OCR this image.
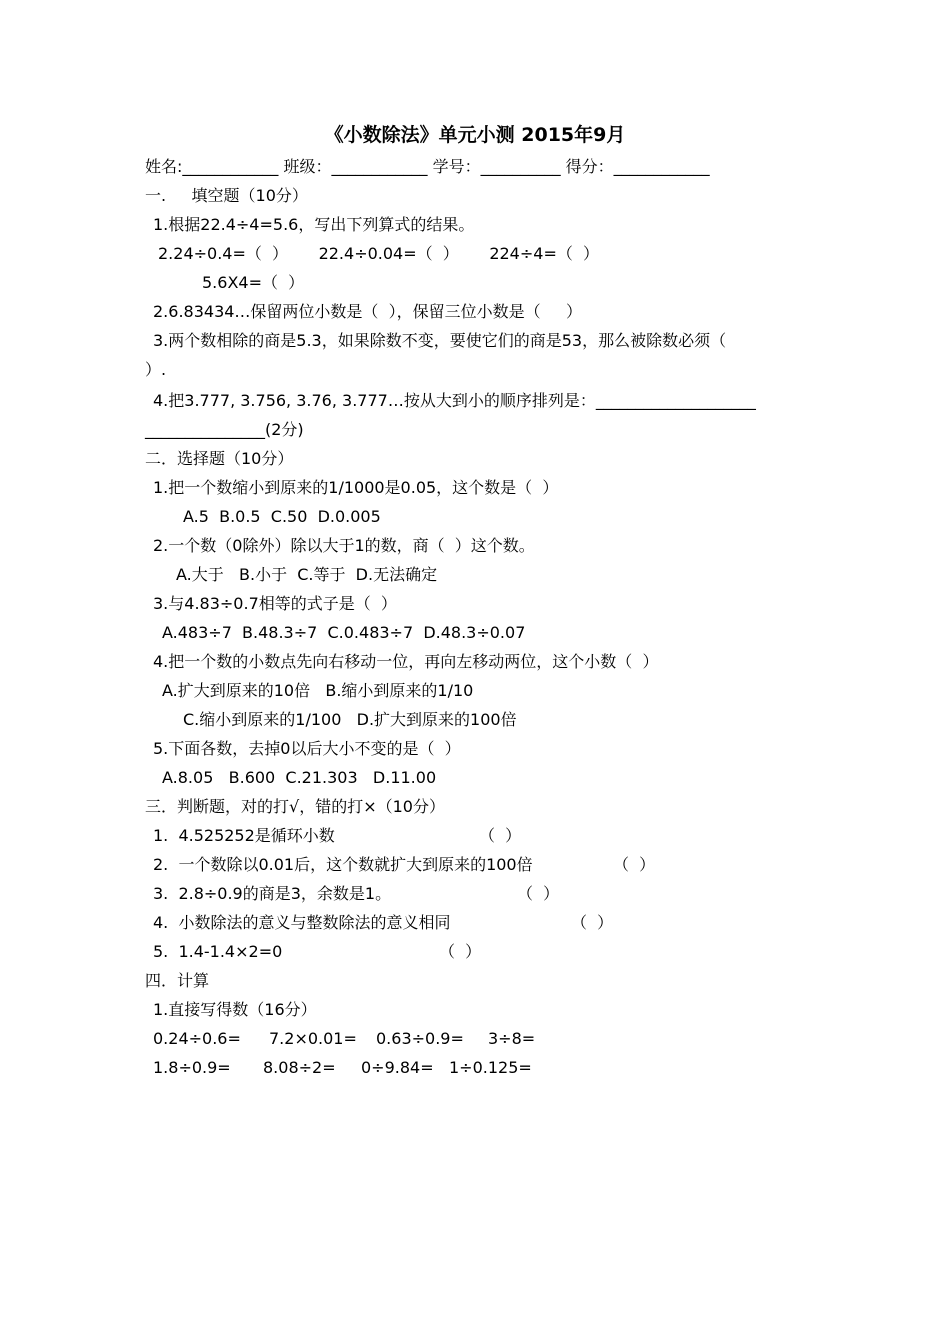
《小数除法》单元小测 2015年9月
姓名:____________ 班级：____________ 学号：__________ 得分：____________
一.     填空题（10分）
1.根据22.4÷4=5.6，写出下列算式的结果。
2.24÷0.4=（  ）      22.4÷0.04=（  ）      224÷4=（  ）
5.6X4=（  ）
2.6.83434…保留两位小数是（  ），保留三位小数是（     ）
3.两个数相除的商是5.3，如果除数不变，要使它们的商是53，那么被除数必须（
）.
4.把3.777, 3.756, 3.76, 3.777…按从大到小的顺序排列是：____________________
_______________(2分)
二．选择题（10分）
1.把一个数缩小到原来的1/1000是0.05，这个数是（  ）
A.5  B.0.5  C.50  D.0.005
2.一个数（0除外）除以大于1的数，商（  ）这个数。
A.大于   B.小于  C.等于  D.无法确定
3.与4.83÷0.7相等的式子是（  ）
A.483÷7  B.48.3÷7  C.0.483÷7  D.48.3÷0.07
4.把一个数的小数点先向右移动一位，再向左移动两位，这个小数（  ）
A.扩大到原来的10倍   B.缩小到原来的1/10
C.缩小到原来的1/100   D.扩大到原来的100倍
5.下面各数，去掉0以后大小不变的是（  ）
A.8.05   B.600  C.21.303   D.11.00
三．判断题，对的打√，错的打×（10分）
1.  4.525252是循环小数	（  ）
2.  一个数除以0.01后，这个数就扩大到原来的100倍	（  ）
3.  2.8÷0.9的商是3，余数是1。	（  ）
4.  小数除法的意义与整数除法的意义相同	（  ）
5.  1.4-1.4×2=0	（  ）
四．计算
1.直接写得数（16分）
0.24÷0.6= 7.2×0.01= 0.63÷0.9= 3÷8=
1.8÷0.9= 8.08÷2= 0÷9.84= 1÷0.125=
